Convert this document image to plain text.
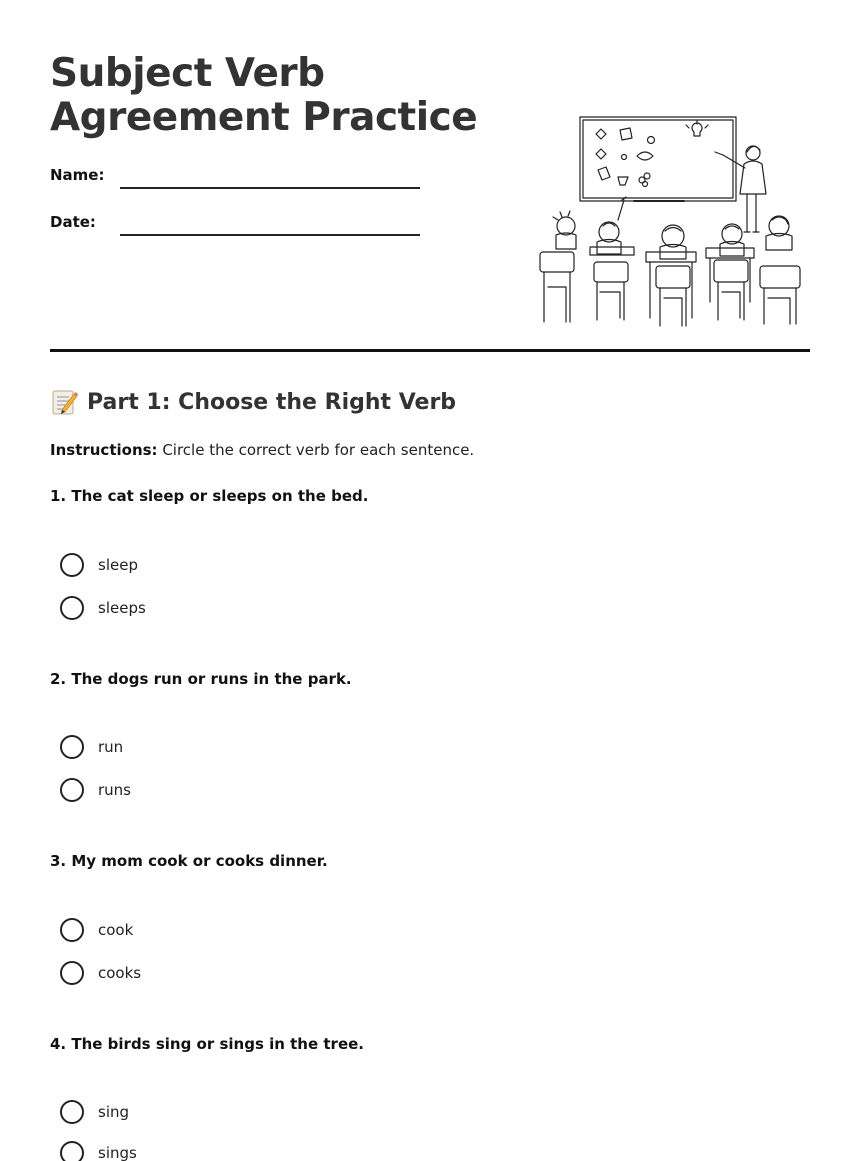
Subject Verb Agreement Practice
Name:
Date:
Part 1: Choose the Right Verb
Instructions: Circle the correct verb for each sentence.
1. The cat sleep or sleeps on the bed.
sleep
sleeps
2. The dogs run or runs in the park.
run
runs
3. My mom cook or cooks dinner.
cook
cooks
4. The birds sing or sings in the tree.
sing
sings
